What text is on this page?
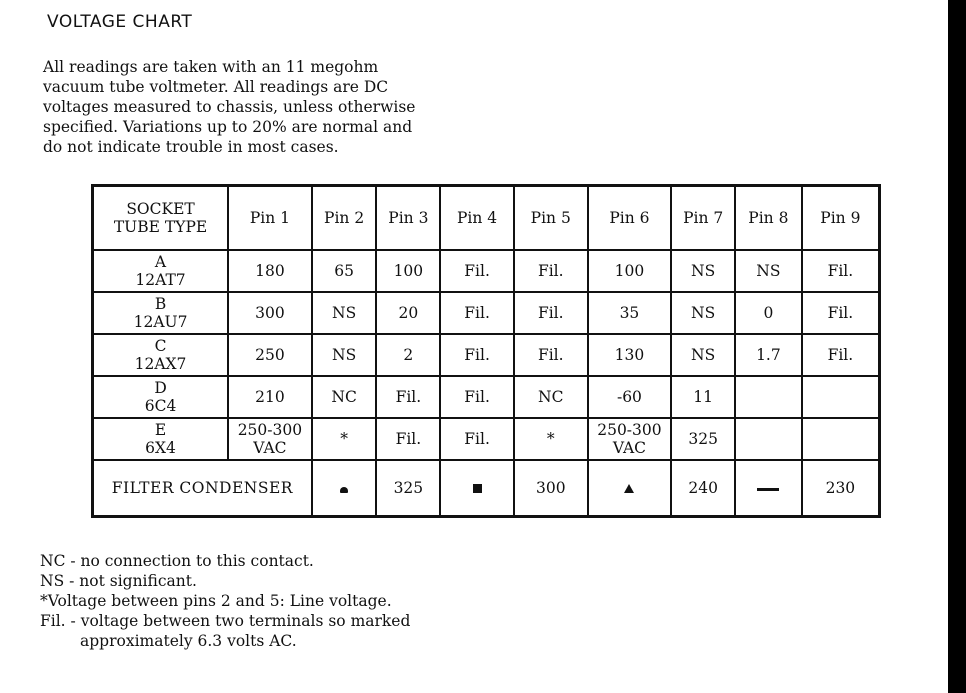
VOLTAGE CHART
All readings are taken with an 11 megohm
vacuum tube voltmeter. All readings are DC
voltages measured to chassis, unless otherwise
specified. Variations up to 20% are normal and
do not indicate trouble in most cases.
SOCKET
TUBE TYPE	Pin 1	Pin 2	Pin 3	Pin 4	Pin 5	Pin 6	Pin 7	Pin 8	Pin 9

A
12AT7	180	65	100	Fil.	Fil.	100	NS	NS	Fil.

B
12AU7	300	NS	20	Fil.	Fil.	35	NS	0	Fil.

C
12AX7	250	NS	2	Fil.	Fil.	130	NS	1.7	Fil.

D
6C4	210	NC	Fil.	Fil.	NC	-60	11		

E
6X4	250-300
VAC	*	Fil.	Fil.	*	250-300
VAC	325		
FILTER CONDENSER			325		300		240		230
NC - no connection to this contact.
NS - not significant.
*Voltage between pins 2 and 5: Line voltage.
Fil. - voltage between two terminals so marked
approximately 6.3 volts AC.
